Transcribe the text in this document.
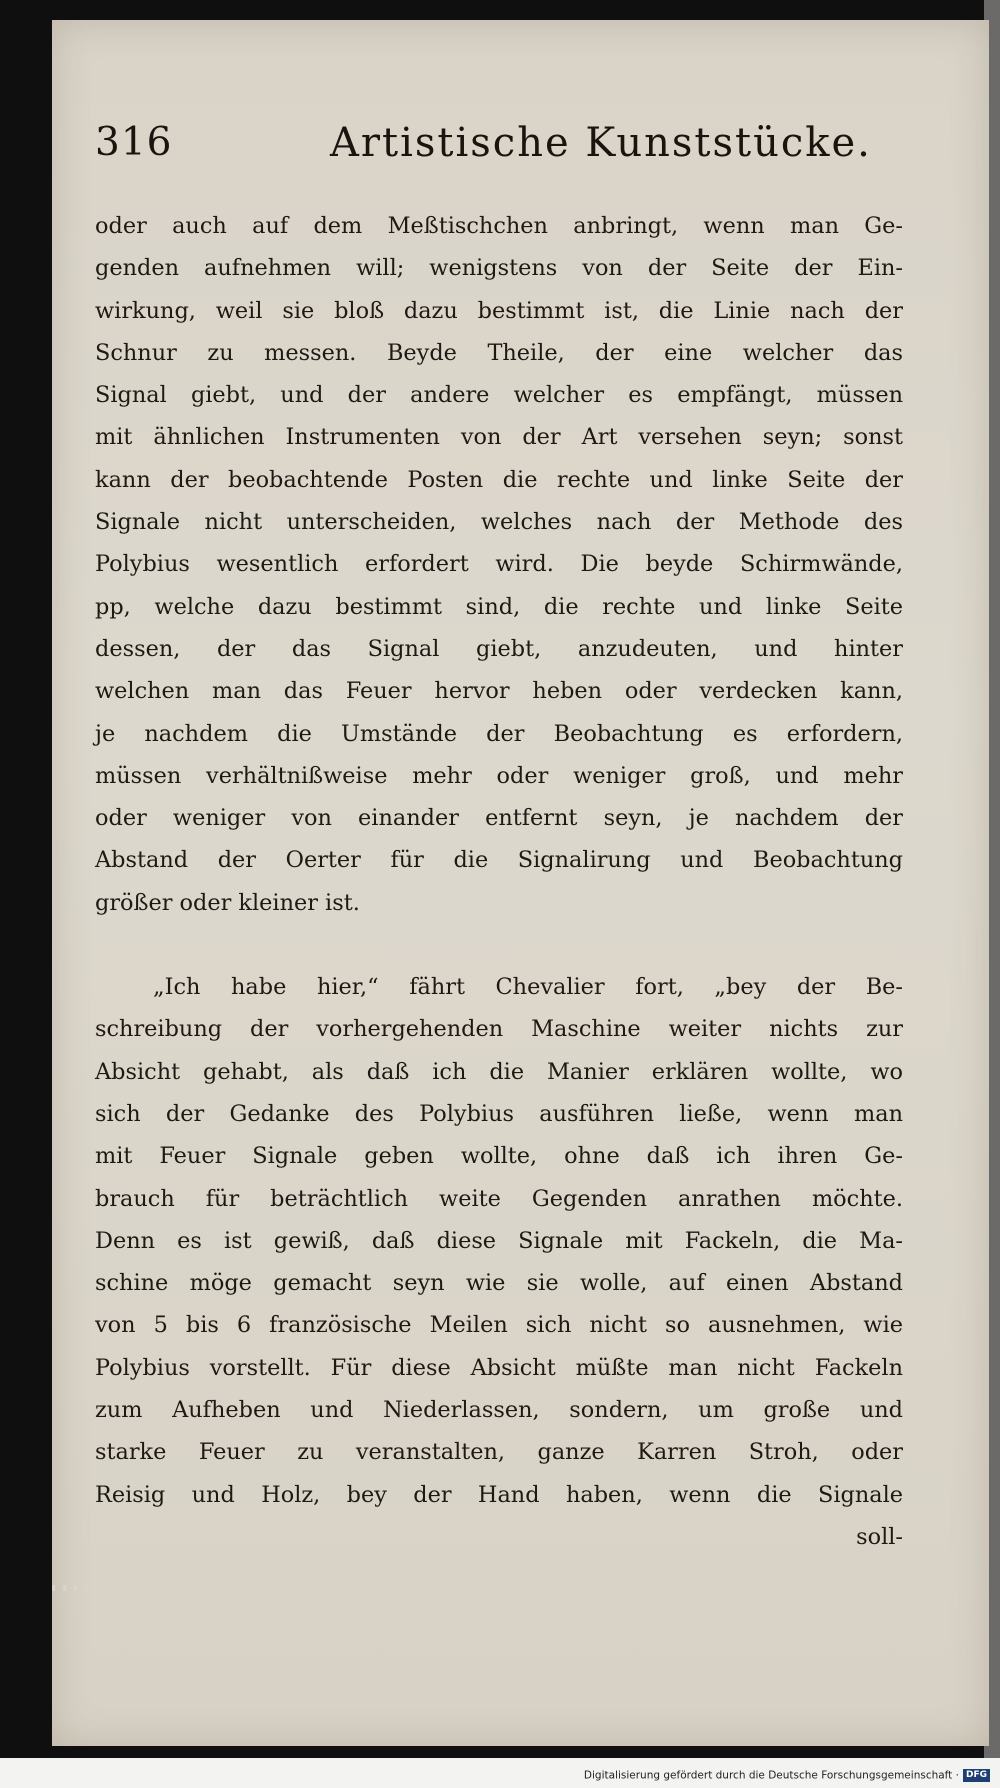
316	Artistische Kunststücke.
oder auch auf dem Meßtischchen anbringt, wenn man Ge-
genden aufnehmen will; wenigstens von der Seite der Ein-
wirkung, weil sie bloß dazu bestimmt ist, die Linie nach der
Schnur zu messen. Beyde Theile, der eine welcher das
Signal giebt, und der andere welcher es empfängt, müssen
mit ähnlichen Instrumenten von der Art versehen seyn; sonst
kann der beobachtende Posten die rechte und linke Seite der
Signale nicht unterscheiden, welches nach der Methode des
Polybius wesentlich erfordert wird. Die beyde Schirmwände,
pp, welche dazu bestimmt sind, die rechte und linke Seite
dessen, der das Signal giebt, anzudeuten, und hinter
welchen man das Feuer hervor heben oder verdecken kann,
je nachdem die Umstände der Beobachtung es erfordern,
müssen verhältnißweise mehr oder weniger groß, und mehr
oder weniger von einander entfernt seyn, je nachdem der
Abstand der Oerter für die Signalirung und Beobachtung
größer oder kleiner ist.
„Ich habe hier,“ fährt Chevalier fort, „bey der Be-
schreibung der vorhergehenden Maschine weiter nichts zur
Absicht gehabt, als daß ich die Manier erklären wollte, wo
sich der Gedanke des Polybius ausführen ließe, wenn man
mit Feuer Signale geben wollte, ohne daß ich ihren Ge-
brauch für beträchtlich weite Gegenden anrathen möchte.
Denn es ist gewiß, daß diese Signale mit Fackeln, die Ma-
schine möge gemacht seyn wie sie wolle, auf einen Abstand
von 5 bis 6 französische Meilen sich nicht so ausnehmen, wie
Polybius vorstellt. Für diese Absicht müßte man nicht Fackeln
zum Aufheben und Niederlassen, sondern, um große und
starke Feuer zu veranstalten, ganze Karren Stroh, oder
Reisig und Holz, bey der Hand haben, wenn die Signale
soll-
Digitalisierung gefördert durch die Deutsche Forschungsgemeinschaft · DFG
